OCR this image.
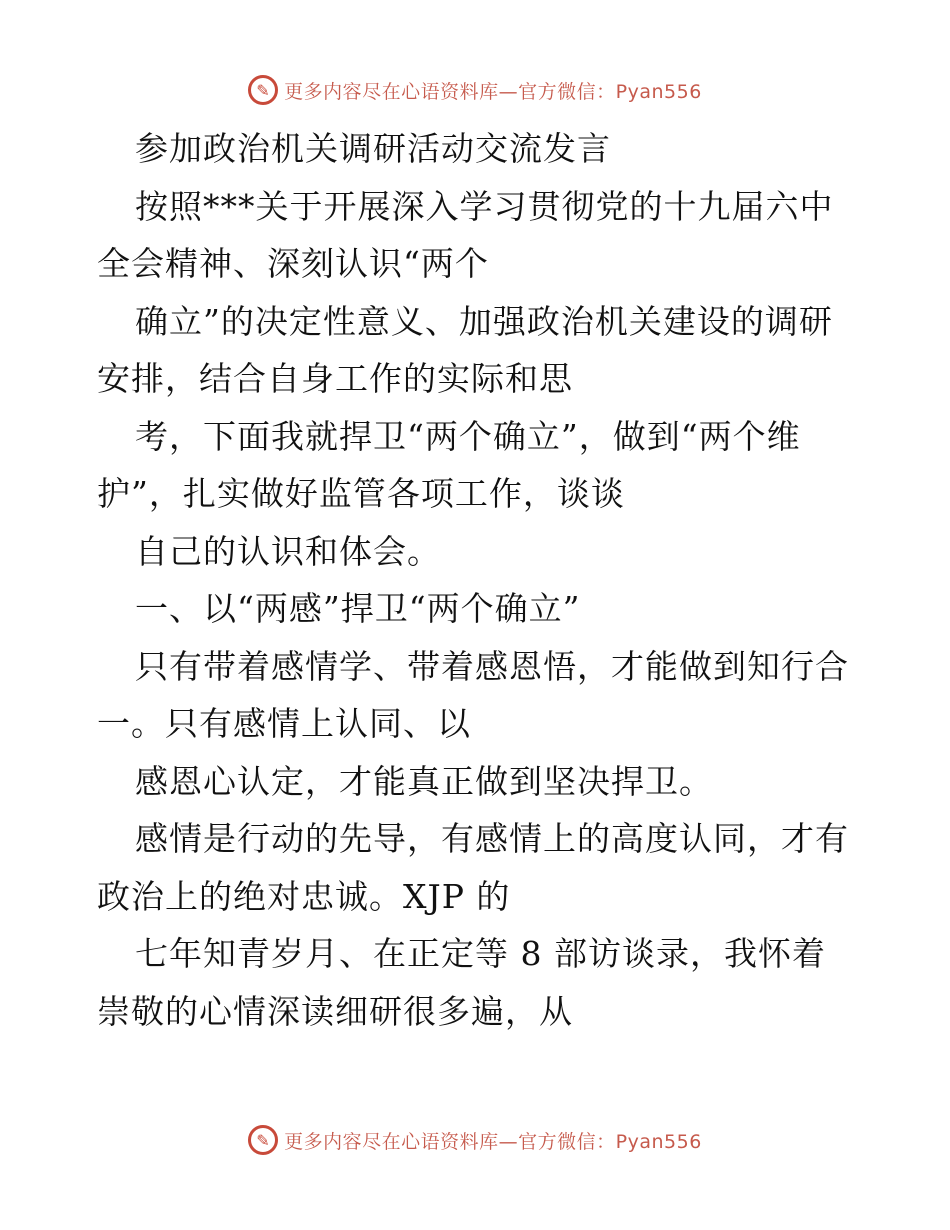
✎ 更多内容尽在心语资料库—官方微信：Pyan556
参加政治机关调研活动交流发言
按照***关于开展深入学习贯彻党的十九届六中
全会精神、深刻认识“两个
确立”的决定性意义、加强政治机关建设的调研
安排，结合自身工作的实际和思
考，下面我就捍卫“两个确立”，做到“两个维
护”，扎实做好监管各项工作，谈谈
自己的认识和体会。
一、以“两感”捍卫“两个确立”
只有带着感情学、带着感恩悟，才能做到知行合
一。只有感情上认同、以
感恩心认定，才能真正做到坚决捍卫。
感情是行动的先导，有感情上的高度认同，才有
政治上的绝对忠诚。XJP 的
七年知青岁月、在正定等 8 部访谈录，我怀着
崇敬的心情深读细研很多遍，从
✎ 更多内容尽在心语资料库—官方微信：Pyan556
